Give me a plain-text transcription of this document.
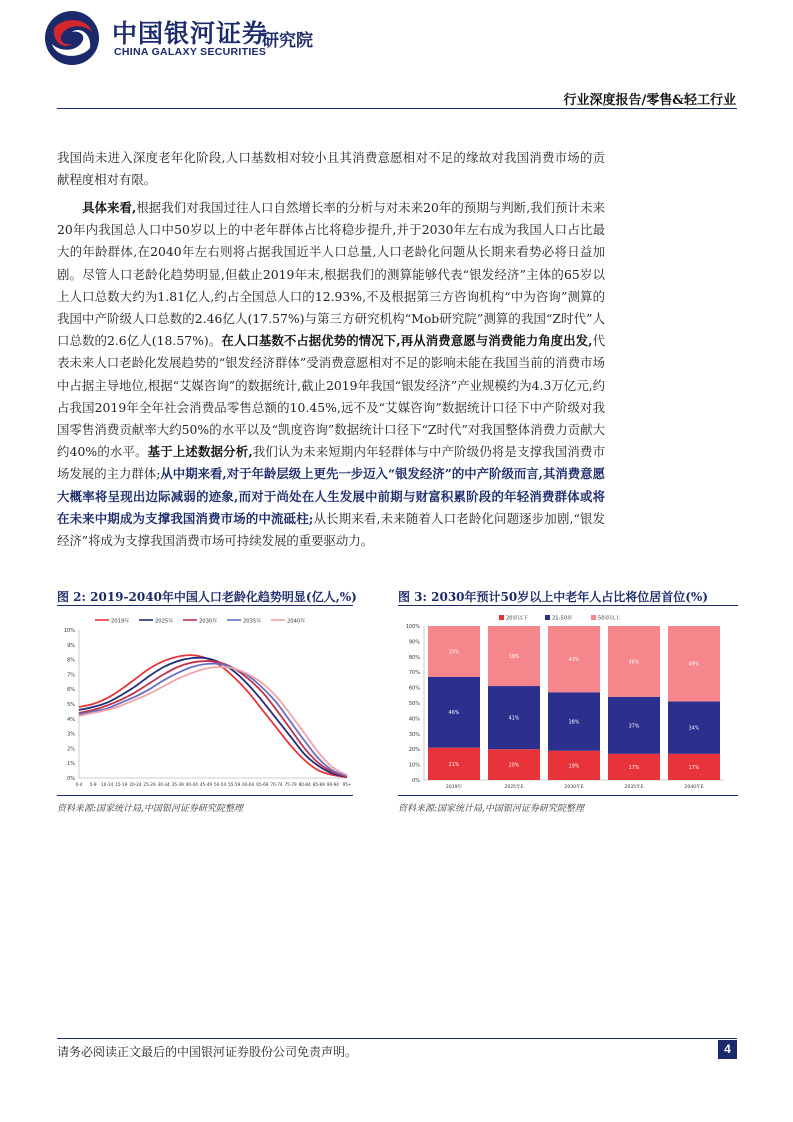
中国银河证券
CHINA GALAXY SECURITIES
研究院
行业深度报告/零售&轻工行业
我国尚未进入深度老年化阶段,人口基数相对较小且其消费意愿相对不足的缘故对我国消费市场的贡献程度相对有限。
具体来看,根据我们对我国过往人口自然增长率的分析与对未来20年的预期与判断,我们预计未来20年内我国总人口中50岁以上的中老年群体占比将稳步提升,并于2030年左右成为我国人口占比最大的年龄群体,在2040年左右则将占据我国近半人口总量,人口老龄化问题从长期来看势必将日益加剧。尽管人口老龄化趋势明显,但截止2019年末,根据我们的测算能够代表“银发经济”主体的65岁以上人口总数大约为1.81亿人,约占全国总人口的12.93%,不及根据第三方咨询机构“中为咨询”测算的我国中产阶级人口总数的2.46亿人(17.57%)与第三方研究机构“Mob研究院”测算的我国“Z时代”人口总数的2.6亿人(18.57%)。在人口基数不占据优势的情况下,再从消费意愿与消费能力角度出发,代表未来人口老龄化发展趋势的“银发经济群体”受消费意愿相对不足的影响未能在我国当前的消费市场中占据主导地位,根据“艾媒咨询”的数据统计,截止2019年我国“银发经济”产业规模约为4.3万亿元,约占我国2019年全年社会消费品零售总额的10.45%,远不及“艾媒咨询”数据统计口径下中产阶级对我国零售消费贡献率大约50%的水平以及“凯度咨询”数据统计口径下“Z时代”对我国整体消费力贡献大约40%的水平。基于上述数据分析,我们认为未来短期内年轻群体与中产阶级仍将是支撑我国消费市场发展的主力群体;从中期来看,对于年龄层级上更先一步迈入“银发经济”的中产阶级而言,其消费意愿大概率将呈现出边际减弱的迹象,而对于尚处在人生发展中前期与财富积累阶段的年轻消费群体或将在未来中期成为支撑我国消费市场的中流砥柱;从长期来看,未来随着人口老龄化问题逐步加剧,“银发经济”将成为支撑我国消费市场可持续发展的重要驱动力。
图 2: 2019-2040年中国人口老龄化趋势明显(亿人,%)
2019年	2025年	2030年	2035年	2040年
0%
1%
2%
3%
4%
5%
6%
7%
8%
9%
10%
0-4 5-9 10-14 15-19 20-24 25-29 30-34 35-39 40-44 45-49 50-54 55-59 60-64 65-69 70-74 75-79 80-84 85-89 90-94 95+
资料来源:国家统计局,中国银河证券研究院整理
图 3: 2030年预计50岁以上中老年人占比将位居首位(%)
20岁以下	21-50岁	50岁以上
0%
10%
20%
30%
40%
50%
60%
70%
80%
90%
100%
21%
46%
33%
2019年
20%
41%
39%
2025年E
19%
38%
43%
2030年E
17%
37%
46%
2035年E
17%
34%
49%
2040年E
资料来源:国家统计局,中国银河证券研究院整理
请务必阅读正文最后的中国银河证券股份公司免责声明。	4
